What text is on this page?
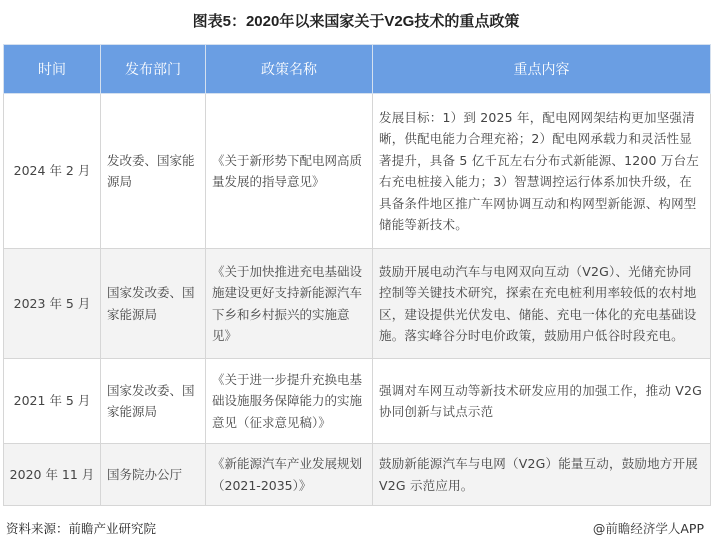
图表5：2020年以来国家关于V2G技术的重点政策
时间	发布部门	政策名称	重点内容
2024 年 2 月	发改委、国家能源局	《关于新形势下配电网高质量发展的指导意见》	发展目标：1）到 2025 年，配电网网架结构更加坚强清晰，供配电能力合理充裕；2）配电网承载力和灵活性显著提升，具备 5 亿千瓦左右分布式新能源、1200 万台左右充电桩接入能力；3）智慧调控运行体系加快升级，在具备条件地区推广车网协调互动和构网型新能源、构网型储能等新技术。
2023 年 5 月	国家发改委、国家能源局	《关于加快推进充电基础设施建设更好支持新能源汽车下乡和乡村振兴的实施意见》	鼓励开展电动汽车与电网双向互动（V2G）、光储充协同控制等关键技术研究，探索在充电桩利用率较低的农村地区，建设提供光伏发电、储能、充电一体化的充电基础设施。落实峰谷分时电价政策，鼓励用户低谷时段充电。
2021 年 5 月	国家发改委、国家能源局	《关于进一步提升充换电基础设施服务保障能力的实施意见（征求意见稿）》	强调对车网互动等新技术研发应用的加强工作，推动 V2G 协同创新与试点示范
2020 年 11 月	国务院办公厅	《新能源汽车产业发展规划（2021-2035）》	鼓励新能源汽车与电网（V2G）能量互动，鼓励地方开展 V2G 示范应用。
资料来源：前瞻产业研究院	@前瞻经济学人APP
